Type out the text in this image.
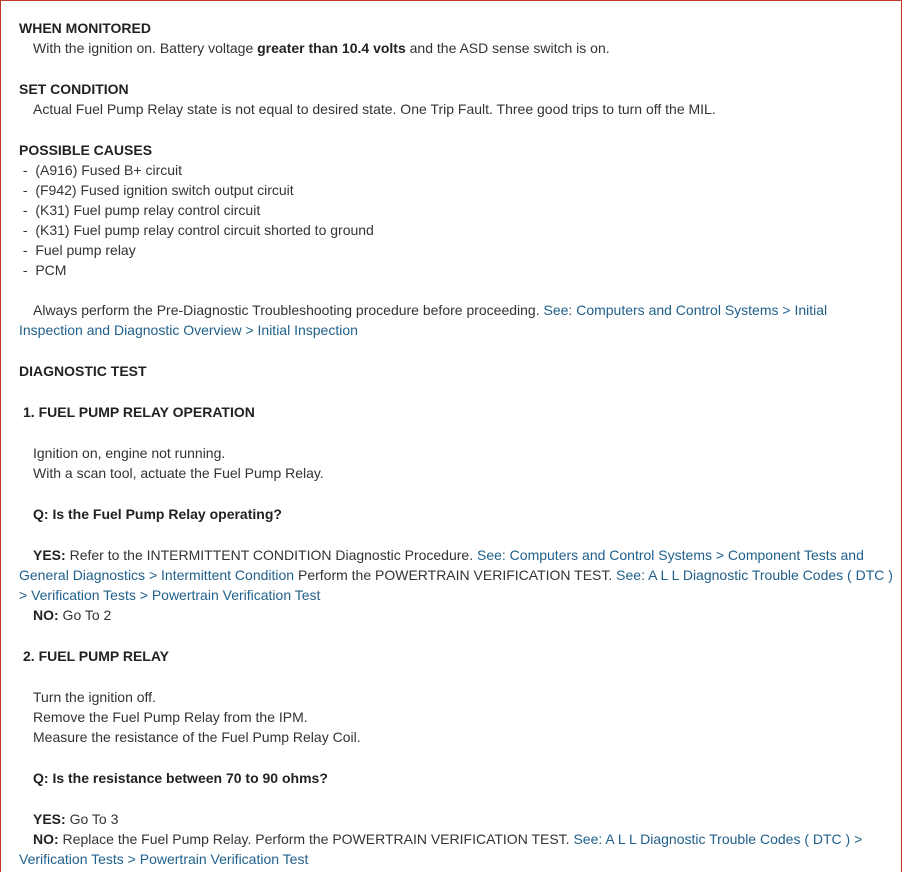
WHEN MONITORED

With the ignition on. Battery voltage greater than 10.4 volts and the ASD sense switch is on.

SET CONDITION

Actual Fuel Pump Relay state is not equal to desired state. One Trip Fault. Three good trips to turn off the MIL.

POSSIBLE CAUSES

-  (A916) Fused B+ circuit

-  (F942) Fused ignition switch output circuit

-  (K31) Fuel pump relay control circuit

-  (K31) Fuel pump relay control circuit shorted to ground

-  Fuel pump relay

-  PCM

Always perform the Pre-Diagnostic Troubleshooting procedure before proceeding. See: Computers and Control Systems > Initial Inspection and Diagnostic Overview > Initial Inspection

DIAGNOSTIC TEST

1. FUEL PUMP RELAY OPERATION

Ignition on, engine not running.

With a scan tool, actuate the Fuel Pump Relay.

Q: Is the Fuel Pump Relay operating?

YES: Refer to the INTERMITTENT CONDITION Diagnostic Procedure. See: Computers and Control Systems > Component Tests and General Diagnostics > Intermittent Condition Perform the POWERTRAIN VERIFICATION TEST. See: A L L Diagnostic Trouble Codes ( DTC ) > Verification Tests > Powertrain Verification Test

NO: Go To 2

2. FUEL PUMP RELAY

Turn the ignition off.

Remove the Fuel Pump Relay from the IPM.

Measure the resistance of the Fuel Pump Relay Coil.

Q: Is the resistance between 70 to 90 ohms?

YES: Go To 3

NO: Replace the Fuel Pump Relay. Perform the POWERTRAIN VERIFICATION TEST. See: A L L Diagnostic Trouble Codes ( DTC ) > Verification Tests > Powertrain Verification Test
